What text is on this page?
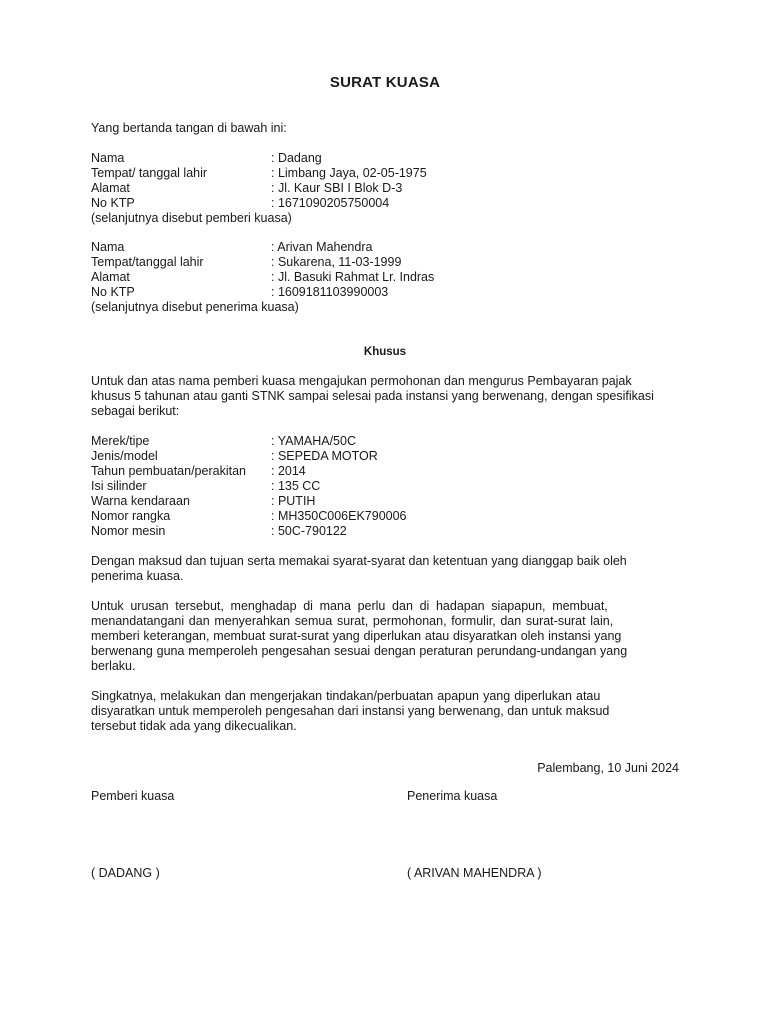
SURAT KUASA
Yang bertanda tangan di bawah ini:
Nama	: Dadang
Tempat/ tanggal lahir	: Limbang Jaya, 02-05-1975
Alamat	: Jl. Kaur SBI I Blok D-3
No KTP	: 1671090205750004
(selanjutnya disebut pemberi kuasa)
Nama	: Arivan Mahendra
Tempat/tanggal lahir	: Sukarena, 11-03-1999
Alamat	: Jl. Basuki Rahmat Lr. Indras
No KTP	: 1609181103990003
(selanjutnya disebut penerima kuasa)
Khusus
Untuk dan atas nama pemberi kuasa mengajukan permohonan dan mengurus Pembayaran pajak
khusus 5 tahunan atau ganti STNK sampai selesai pada instansi yang berwenang, dengan spesifikasi
sebagai berikut:
Merek/tipe	: YAMAHA/50C
Jenis/model	: SEPEDA MOTOR
Tahun pembuatan/perakitan : 2014
Isi silinder	: 135 CC
Warna kendaraan	: PUTIH
Nomor rangka	: MH350C006EK790006
Nomor mesin	: 50C-790122
Dengan maksud dan tujuan serta memakai syarat-syarat dan ketentuan yang dianggap baik oleh
penerima kuasa.
Untuk urusan tersebut, menghadap di mana perlu dan di hadapan siapapun, membuat,
menandatangani dan menyerahkan semua surat, permohonan, formulir, dan surat-surat lain,
memberi keterangan, membuat surat-surat yang diperlukan atau disyaratkan oleh instansi yang
berwenang guna memperoleh pengesahan sesuai dengan peraturan perundang-undangan yang
berlaku.
Singkatnya, melakukan dan mengerjakan tindakan/perbuatan apapun yang diperlukan atau
disyaratkan untuk memperoleh pengesahan dari instansi yang berwenang, dan untuk maksud
tersebut tidak ada yang dikecualikan.
Palembang, 10 Juni 2024
Pemberi kuasa	Penerima kuasa
( DADANG )	( ARIVAN MAHENDRA )
